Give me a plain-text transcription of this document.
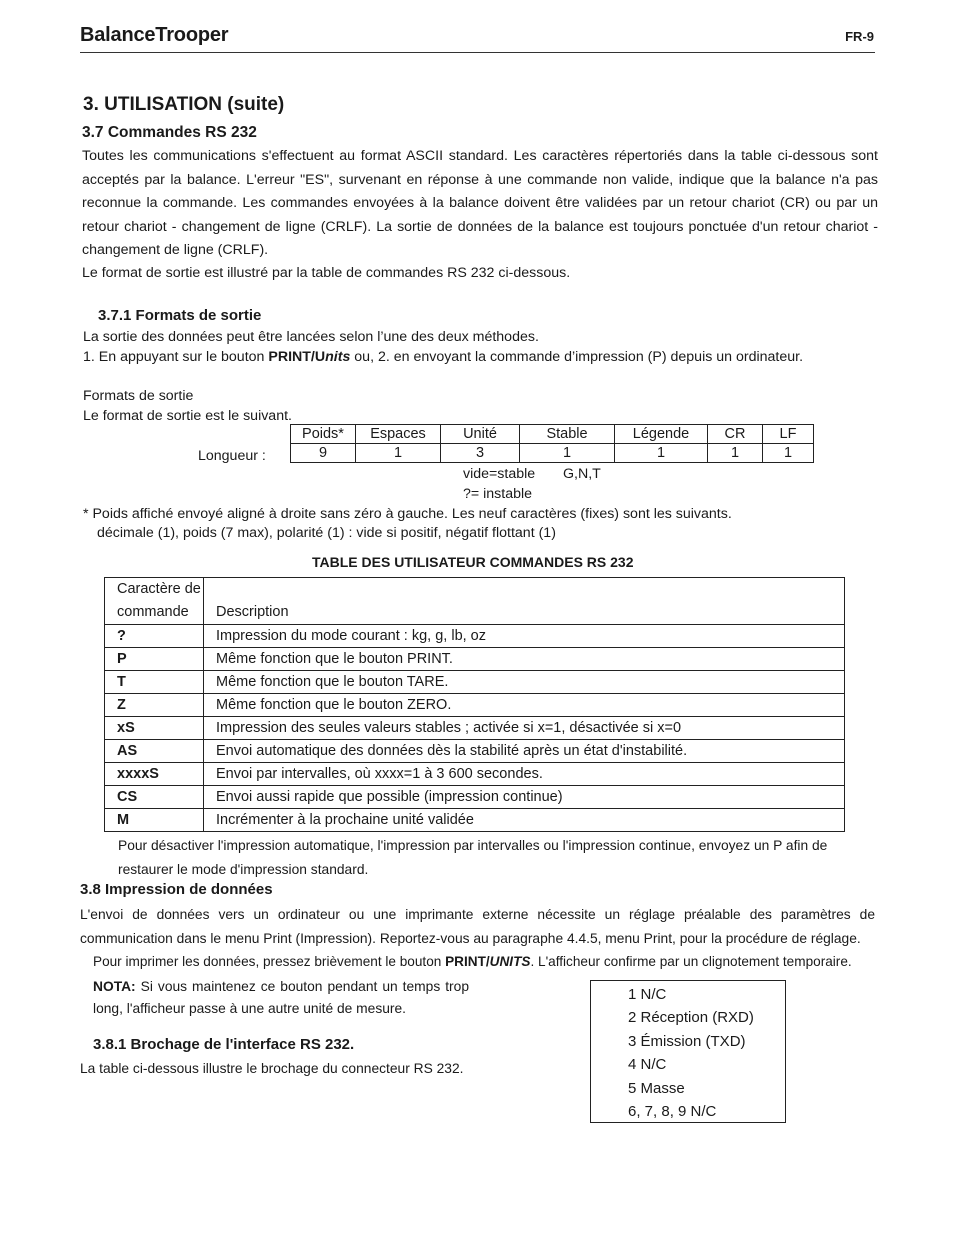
BalanceTrooper	FR-9
3. UTILISATION (suite)
3.7 Commandes RS 232
Toutes les communications s'effectuent au format ASCII standard. Les caractères répertoriés dans la table ci-dessous sont acceptés par la balance. L'erreur "ES", survenant en réponse à une commande non valide, indique que la balance n'a pas reconnue la commande. Les commandes envoyées à la balance doivent être validées par un retour chariot (CR) ou par un retour chariot - changement de ligne (CRLF). La sortie de données de la balance est toujours ponctuée d'un retour chariot - changement de ligne (CRLF).
Le format de sortie est illustré par la table de commandes RS 232 ci-dessous.
3.7.1 Formats de sortie
La sortie des données peut être lancées selon l’une des deux méthodes.
1. En appuyant sur le bouton PRINT/Units ou, 2. en envoyant la commande d’impression (P) depuis un ordinateur.
Formats de sortie
Le format de sortie est le suivant.
Longueur :
Poids*	Espaces	Unité	Stable	Légende	CR	LF
9	1	3	1	1	1	1
vide=stable G,N,T
?= instable
* Poids affiché envoyé aligné à droite sans zéro à gauche. Les neuf caractères (fixes) sont les suivants.
décimale (1), poids (7 max), polarité (1) : vide si positif, négatif flottant (1)
TABLE DES UTILISATEUR COMMANDES RS 232
Caractère de
commande	Description
?	Impression du mode courant : kg, g, lb, oz
P	Même fonction que le bouton PRINT.
T	Même fonction que le bouton TARE.
Z	Même fonction que le bouton ZERO.
xS	Impression des seules valeurs stables ; activée si x=1, désactivée si x=0
AS	Envoi automatique des données dès la stabilité après un état d'instabilité.
xxxxS	Envoi par intervalles, où xxxx=1 à 3 600 secondes.
CS	Envoi aussi rapide que possible (impression continue)
M	Incrémenter à la prochaine unité validée
Pour désactiver l'impression automatique, l'impression par intervalles ou l'impression continue, envoyez un P afin de restaurer le mode d'impression standard.
3.8 Impression de données
L'envoi de données vers un ordinateur ou une imprimante externe nécessite un réglage préalable des paramètres de communication dans le menu Print (Impression). Reportez-vous au paragraphe 4.4.5, menu Print, pour la procédure de réglage.
Pour imprimer les données, pressez brièvement le bouton PRINT/UNITS. L'afficheur confirme par un clignotement temporaire.
NOTA: Si vous maintenez ce bouton pendant un temps trop long, l'afficheur passe à une autre unité de mesure.
3.8.1 Brochage de l'interface RS 232.
La table ci-dessous illustre le brochage du connecteur RS 232.
1 N/C
2 Réception (RXD)
3 Émission (TXD)
4 N/C
5 Masse
6, 7, 8, 9 N/C
